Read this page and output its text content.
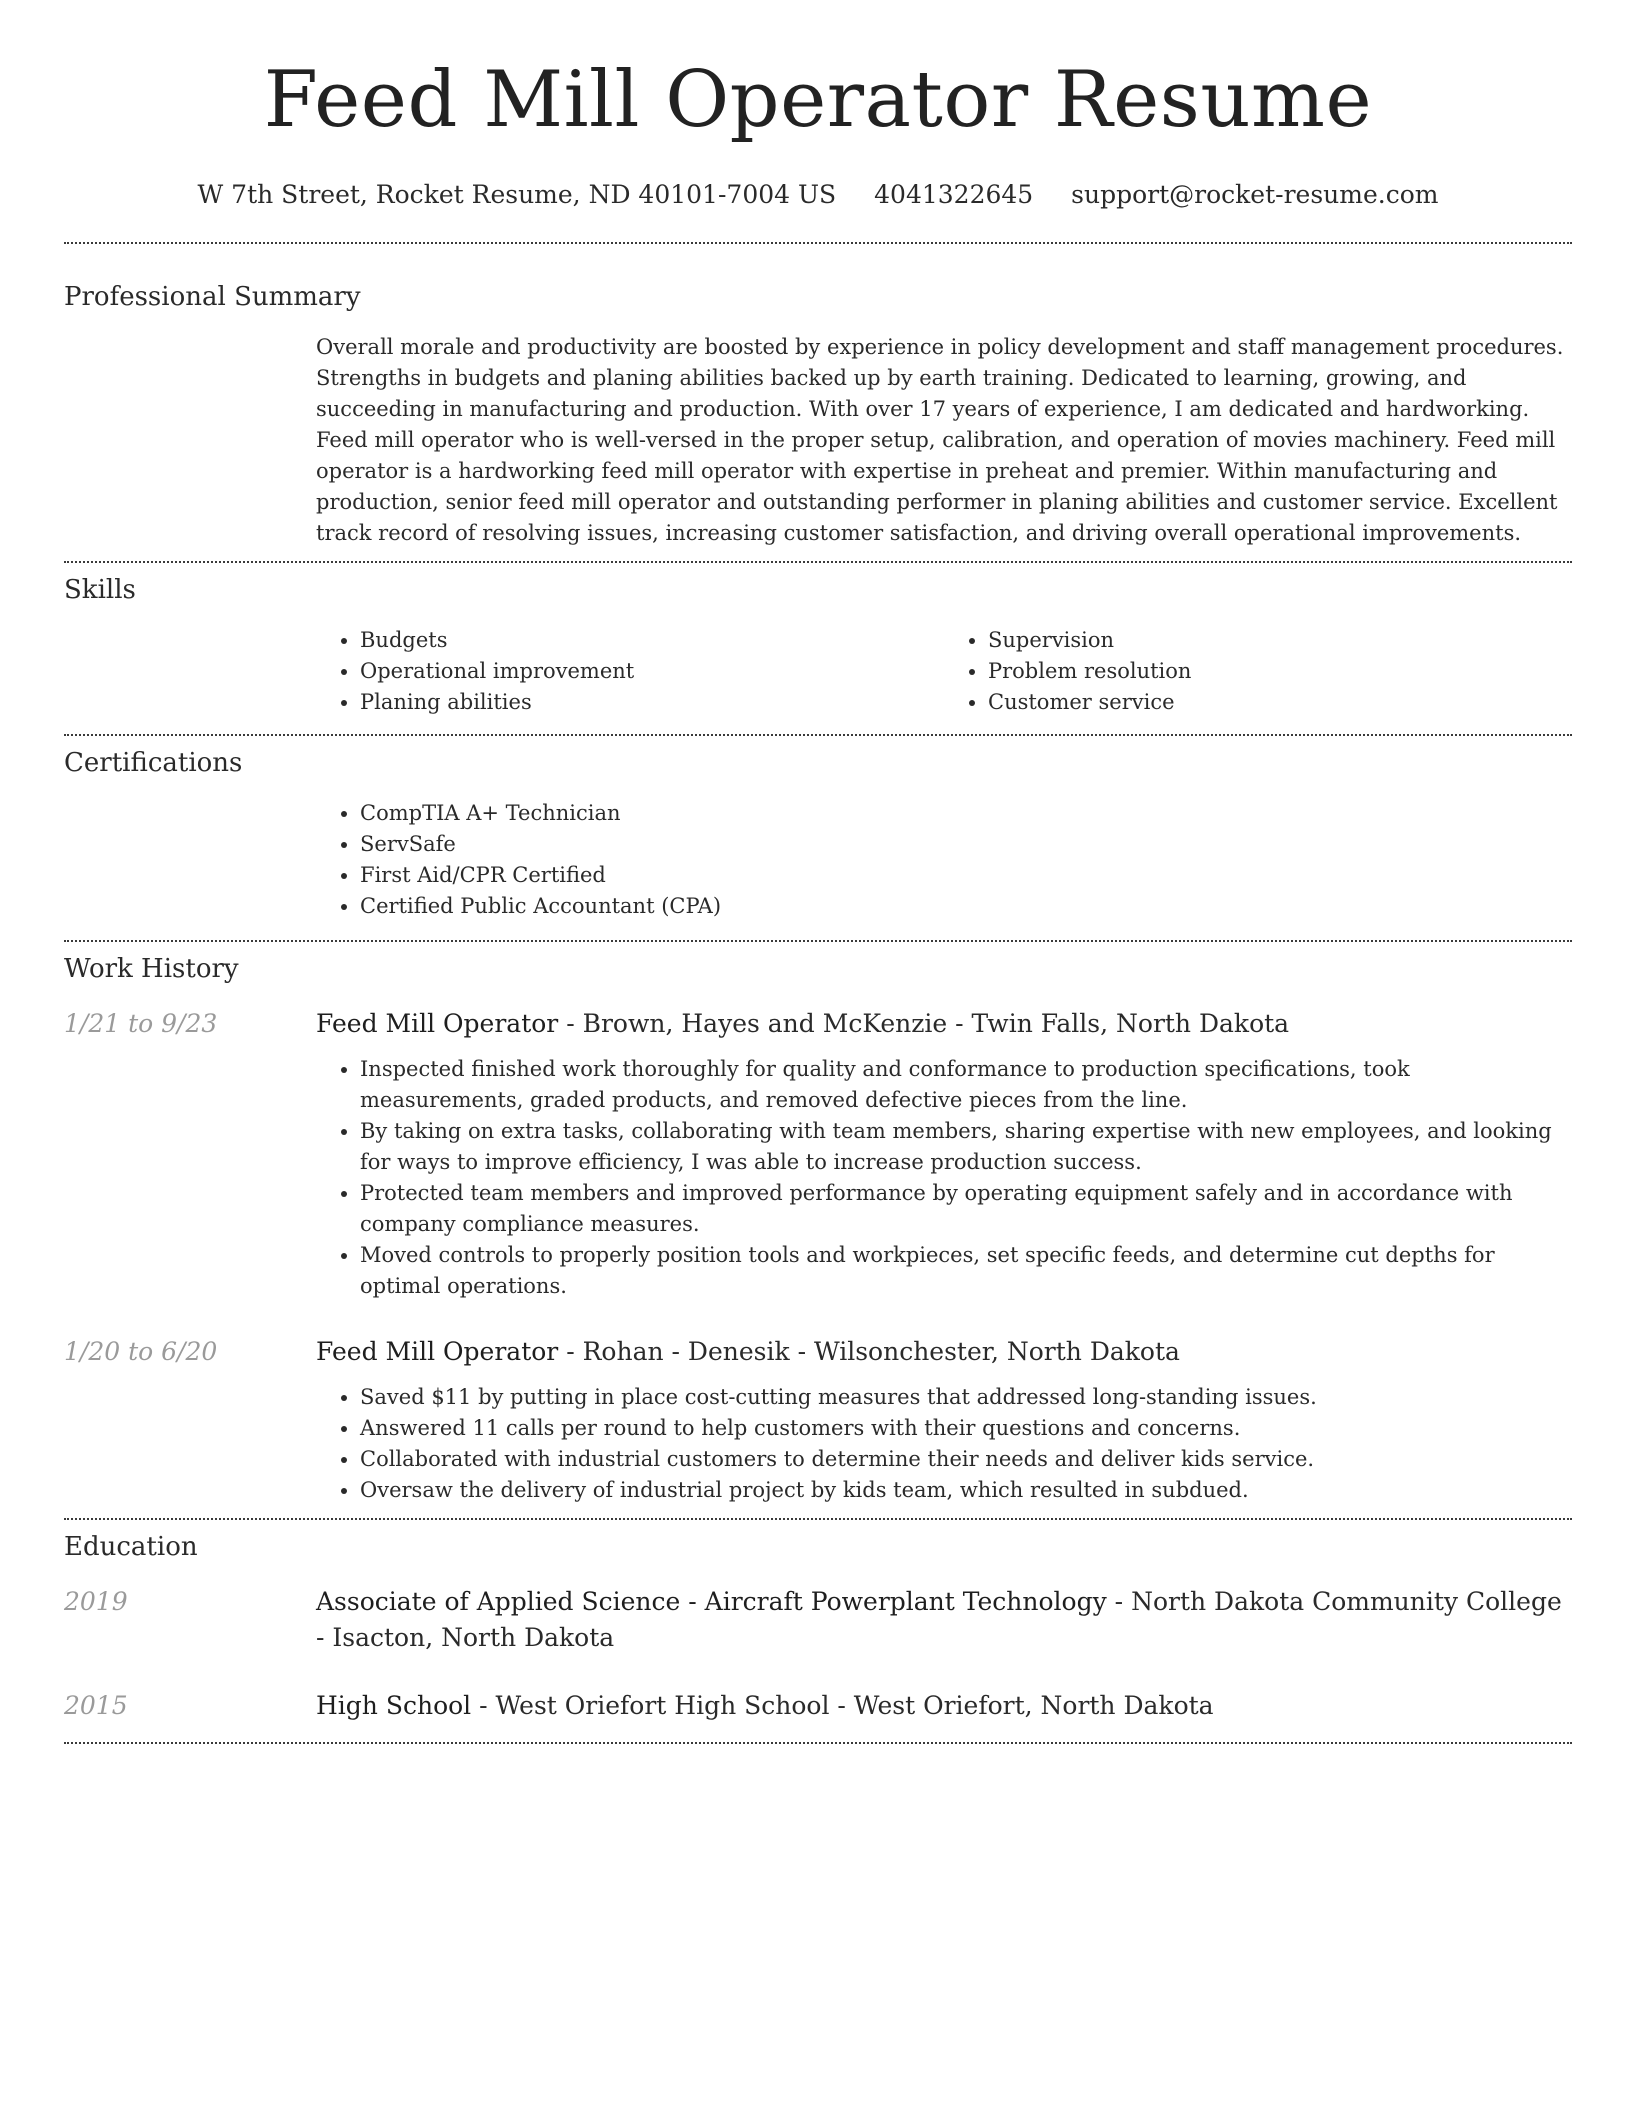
Feed Mill Operator Resume
W 7th Street, Rocket Resume, ND 40101-7004 US 4041322645 support@rocket-resume.com
Professional Summary
Overall morale and productivity are boosted by experience in policy development and staff management procedures. Strengths in budgets and planing abilities backed up by earth training. Dedicated to learning, growing, and succeeding in manufacturing and production. With over 17 years of experience, I am dedicated and hardworking. Feed mill operator who is well-versed in the proper setup, calibration, and operation of movies machinery. Feed mill operator is a hardworking feed mill operator with expertise in preheat and premier. Within manufacturing and production, senior feed mill operator and outstanding performer in planing abilities and customer service. Excellent track record of resolving issues, increasing customer satisfaction, and driving overall operational improvements.
Skills
• Budgets
• Operational improvement
• Planing abilities
• Supervision
• Problem resolution
• Customer service
Certifications
• CompTIA A+ Technician
• ServSafe
• First Aid/CPR Certified
• Certified Public Accountant (CPA)
Work History
1/21 to 9/23	Feed Mill Operator - Brown, Hayes and McKenzie - Twin Falls, North Dakota
• Inspected finished work thoroughly for quality and conformance to production specifications, took measurements, graded products, and removed defective pieces from the line.
• By taking on extra tasks, collaborating with team members, sharing expertise with new employees, and looking for ways to improve efficiency, I was able to increase production success.
• Protected team members and improved performance by operating equipment safely and in accordance with company compliance measures.
• Moved controls to properly position tools and workpieces, set specific feeds, and determine cut depths for optimal operations.
1/20 to 6/20	Feed Mill Operator - Rohan - Denesik - Wilsonchester, North Dakota
• Saved $11 by putting in place cost-cutting measures that addressed long-standing issues.
• Answered 11 calls per round to help customers with their questions and concerns.
• Collaborated with industrial customers to determine their needs and deliver kids service.
• Oversaw the delivery of industrial project by kids team, which resulted in subdued.
Education
2019	Associate of Applied Science - Aircraft Powerplant Technology - North Dakota Community College - Isacton, North Dakota
2015	High School - West Oriefort High School - West Oriefort, North Dakota
